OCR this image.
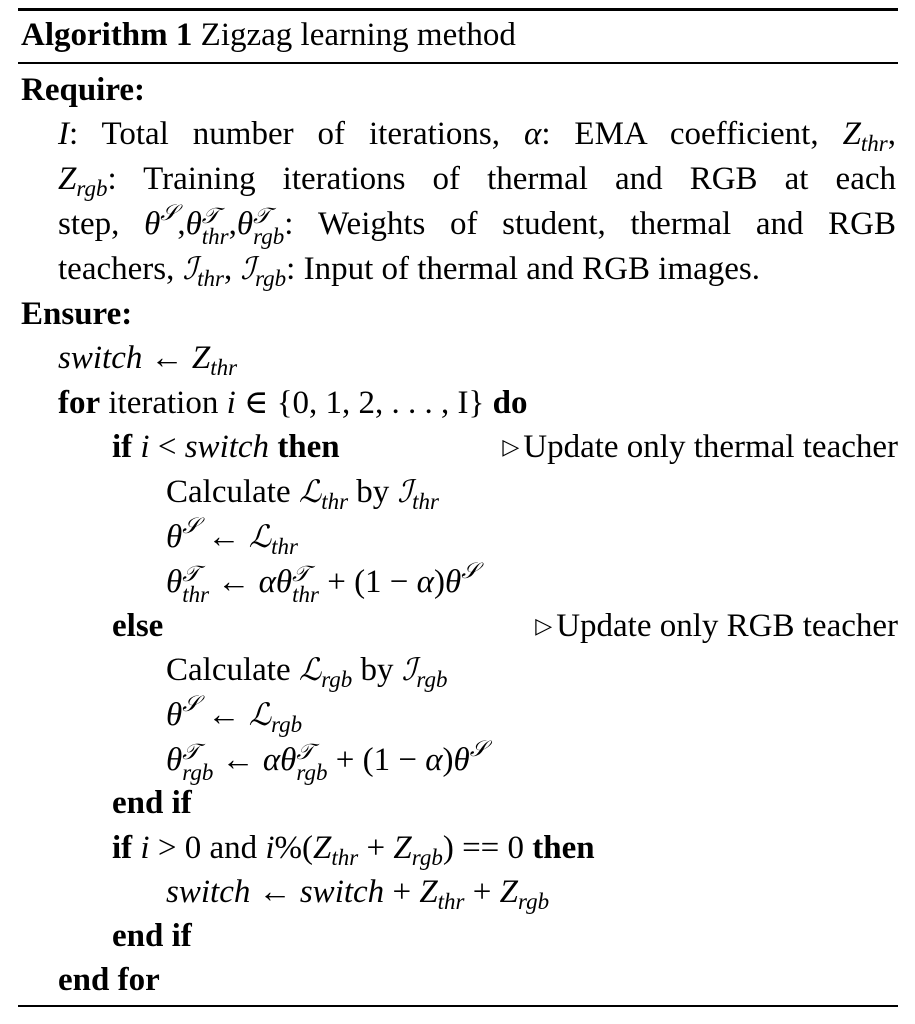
Algorithm 1 Zigzag learning method
Require:
I: Total number of iterations, α: EMA coefficient, $Z_{thr}$,
$Z_{rgb}$: Training iterations of thermal and RGB at each
step, $\theta^𝒮,\theta$ 𝒯
thr ,θ 𝒯
rgb : Weights of student, thermal and RGB
teachers, ℐ$_{thr}$, ℐ$_{rgb}$: Input of thermal and RGB images.
Ensure:
switch ← $Z_{thr}$
for iteration i ∈ {0, 1, 2, . . . , I} do
if i < switch then	▷ Update only thermal teacher
Calculate ℒ$_{thr}$ by ℐ$_{thr}$
$\theta^𝒮$ ← ℒ$_{thr}$
θ 𝒯
thr ← αθ 𝒯
thr + $(1 - \alpha)\theta^𝒮$
else	▷ Update only RGB teacher
Calculate ℒ$_{rgb}$ by ℐ$_{rgb}$
$\theta^𝒮$ ← ℒ$_{rgb}$
θ 𝒯
rgb ← αθ 𝒯
rgb + $(1 - \alpha)\theta^𝒮$
end if
if i > 0 and $i\%(Z_{thr} + Z_{rgb}) == 0$ then
switch ← switch + $Z_{thr} + Z_{rgb}$
end if
end for
